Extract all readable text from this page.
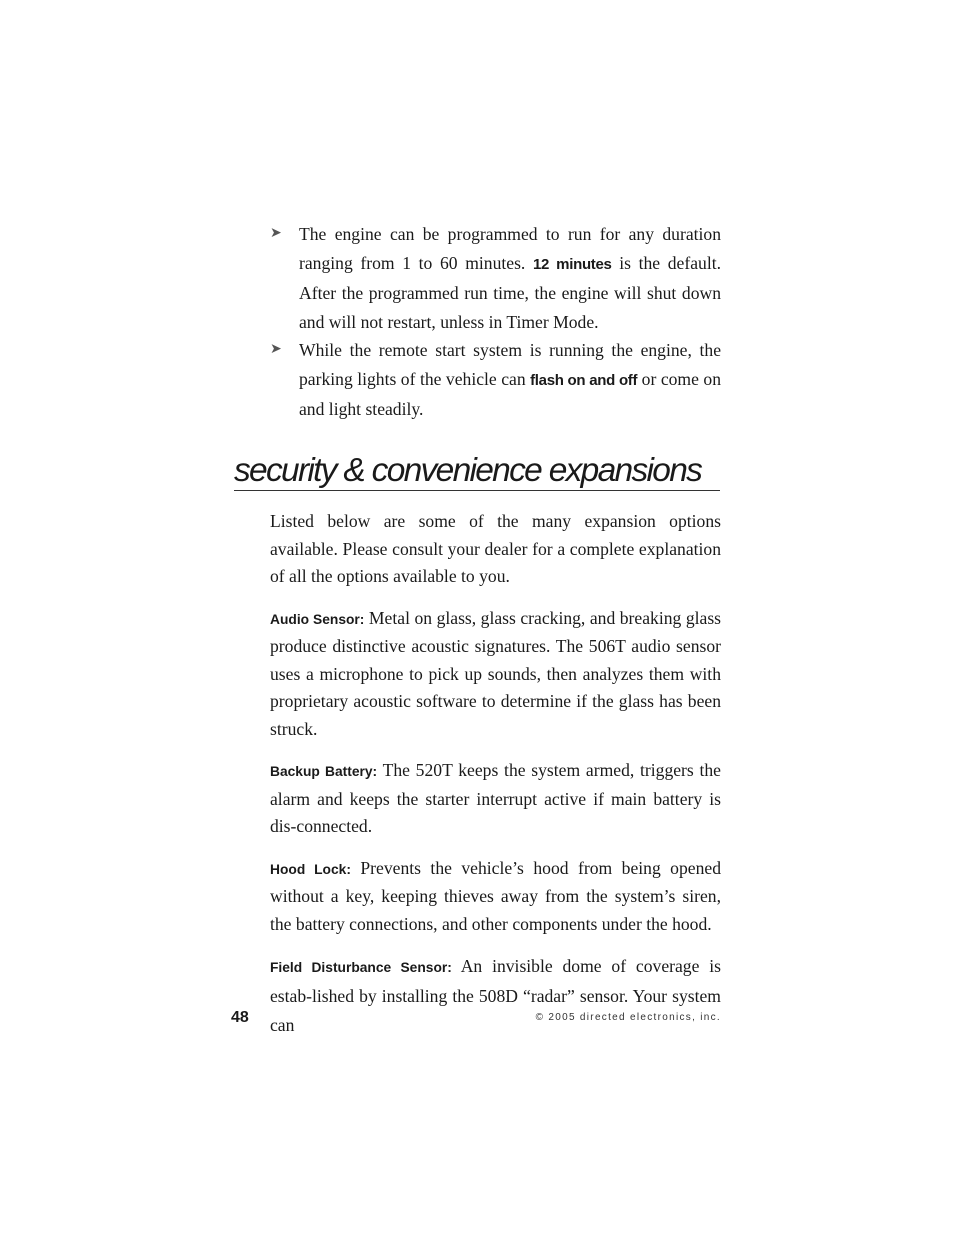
➤ The engine can be programmed to run for any duration ranging from 1 to 60 minutes. 12 minutes is the default. After the programmed run time, the engine will shut down and will not restart, unless in Timer Mode.
➤ While the remote start system is running the engine, the parking lights of the vehicle can flash on and off or come on and light steadily.
security & convenience expansions

Listed below are some of the many expansion options available. Please consult your dealer for a complete explanation of all the options available to you.

Audio Sensor: Metal on glass, glass cracking, and breaking glass produce distinctive acoustic signatures. The 506T audio sensor uses a microphone to pick up sounds, then analyzes them with proprietary acoustic software to determine if the glass has been struck.

Backup Battery: The 520T keeps the system armed, triggers the alarm and keeps the starter interrupt active if main battery is dis-connected.

Hood Lock: Prevents the vehicle’s hood from being opened without a key, keeping thieves away from the system’s siren, the battery connections, and other components under the hood.

Field Disturbance Sensor: An invisible dome of coverage is estab-lished by installing the 508D “radar” sensor. Your system can

48	© 2005 directed electronics, inc.
